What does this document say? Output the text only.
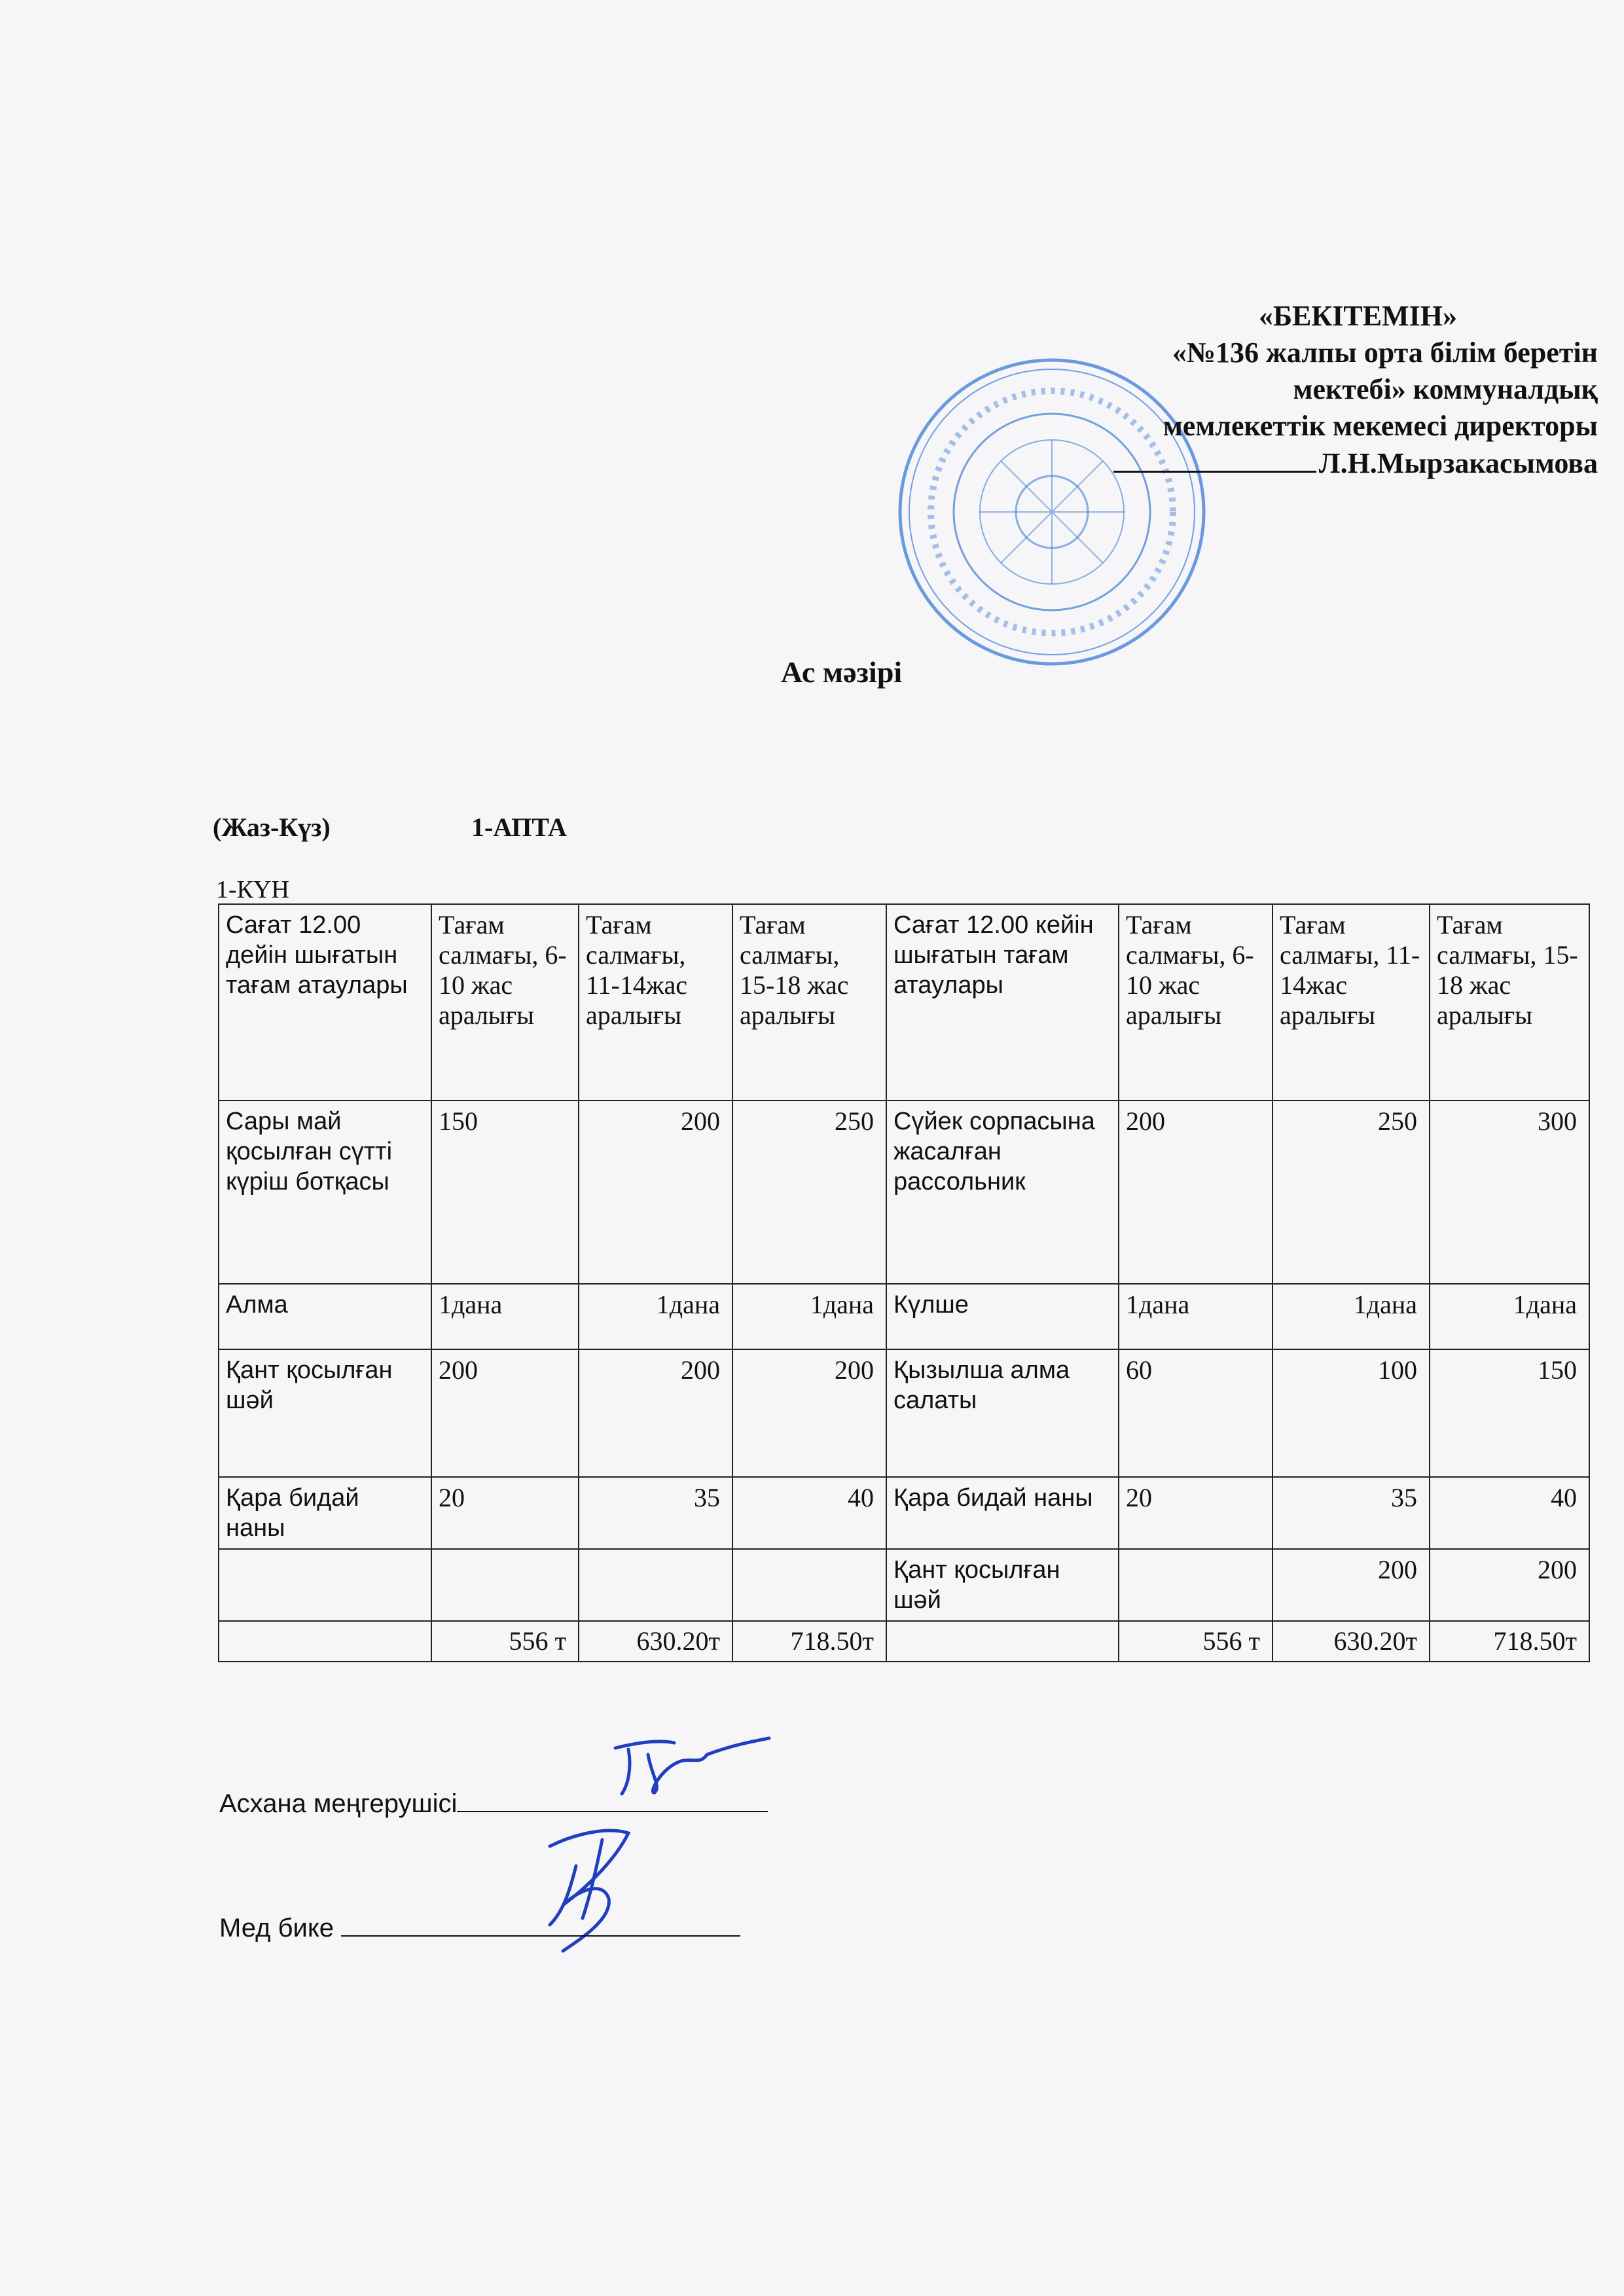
«БЕКІТЕМІН»
«№136 жалпы орта білім беретін
мектебі» коммуналдық
мемлекеттік мекемесі директоры
Л.Н.Мырзакасымова
Ас мәзірі
(Жаз-Күз)	1-АПТА
1-КҮН
Сағат 12.00 дейін шығатын тағам атаулары	Тағам салмағы, 6-10 жас аралығы	Тағам салмағы, 11-14жас аралығы	Тағам салмағы, 15-18 жас аралығы	Сағат 12.00 кейін шығатын тағам атаулары	Тағам салмағы, 6-10 жас аралығы	Тағам салмағы, 11-14жас аралығы	Тағам салмағы, 15-18 жас аралығы
Сары май қосылған сүтті күріш ботқасы	150	200	250	Сүйек сорпасына жасалған рассольник	200	250	300
Алма	1дана	1дана	1дана	Күлше	1дана	1дана	1дана
Қант қосылған шәй	200	200	200	Қызылша алма салаты	60	100	150
Қара бидай наны	20	35	40	Қара бидай наны	20	35	40
				Қант қосылған шәй		200	200
	556 т	630.20т	718.50т		556 т	630.20т	718.50т
Асхана меңгерушісі
Мед бике
